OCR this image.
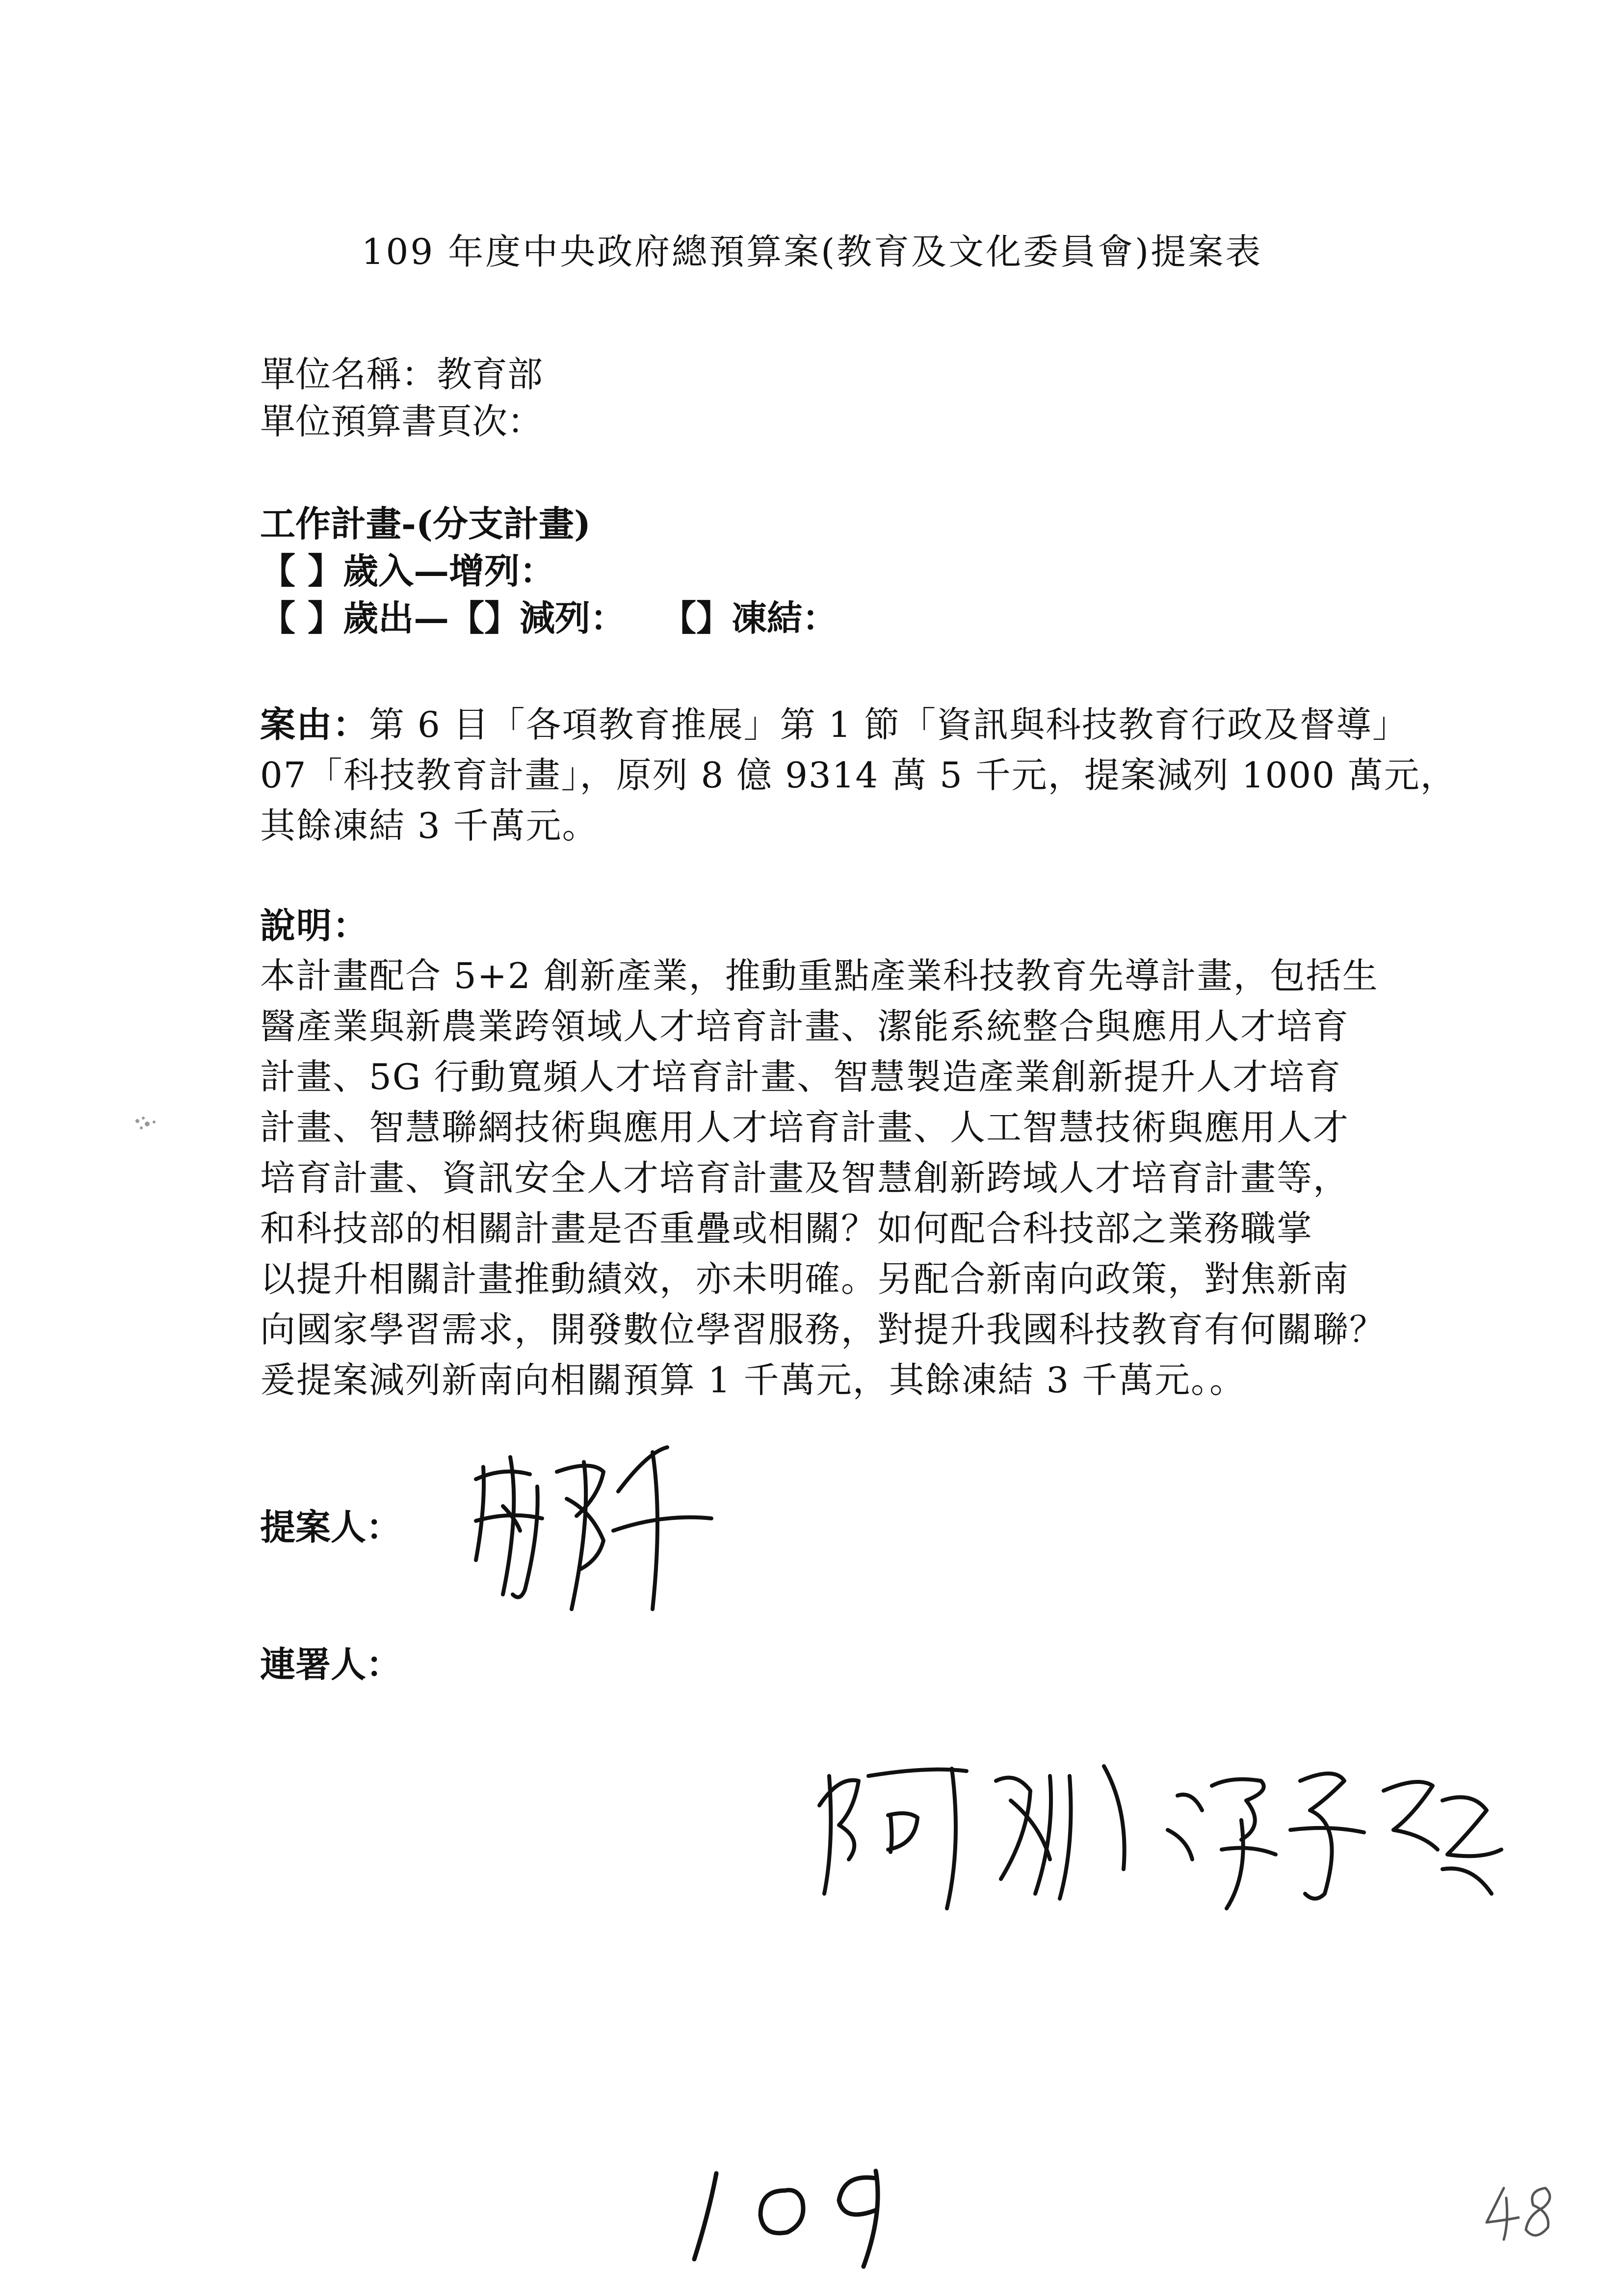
109 年度中央政府總預算案(教育及文化委員會)提案表
單位名稱：教育部
單位預算書頁次：
工作計畫-(分支計畫)
【 】歲入—增列：
【 】歲出—【】減列：　　【】凍結：
案由：第 6 目「各項教育推展」第 1 節「資訊與科技教育行政及督導」
07「科技教育計畫」，原列 8 億 9314 萬 5 千元，提案減列 1000 萬元，
其餘凍結 3 千萬元。
說明：
本計畫配合 5+2 創新產業，推動重點產業科技教育先導計畫，包括生
醫產業與新農業跨領域人才培育計畫、潔能系統整合與應用人才培育
計畫、5G 行動寬頻人才培育計畫、智慧製造產業創新提升人才培育
計畫、智慧聯網技術與應用人才培育計畫、人工智慧技術與應用人才
培育計畫、資訊安全人才培育計畫及智慧創新跨域人才培育計畫等，
和科技部的相關計畫是否重疊或相關？如何配合科技部之業務職掌
以提升相關計畫推動績效，亦未明確。另配合新南向政策，對焦新南
向國家學習需求，開發數位學習服務，對提升我國科技教育有何關聯？
爰提案減列新南向相關預算 1 千萬元，其餘凍結 3 千萬元。。
提案人：
連署人：
